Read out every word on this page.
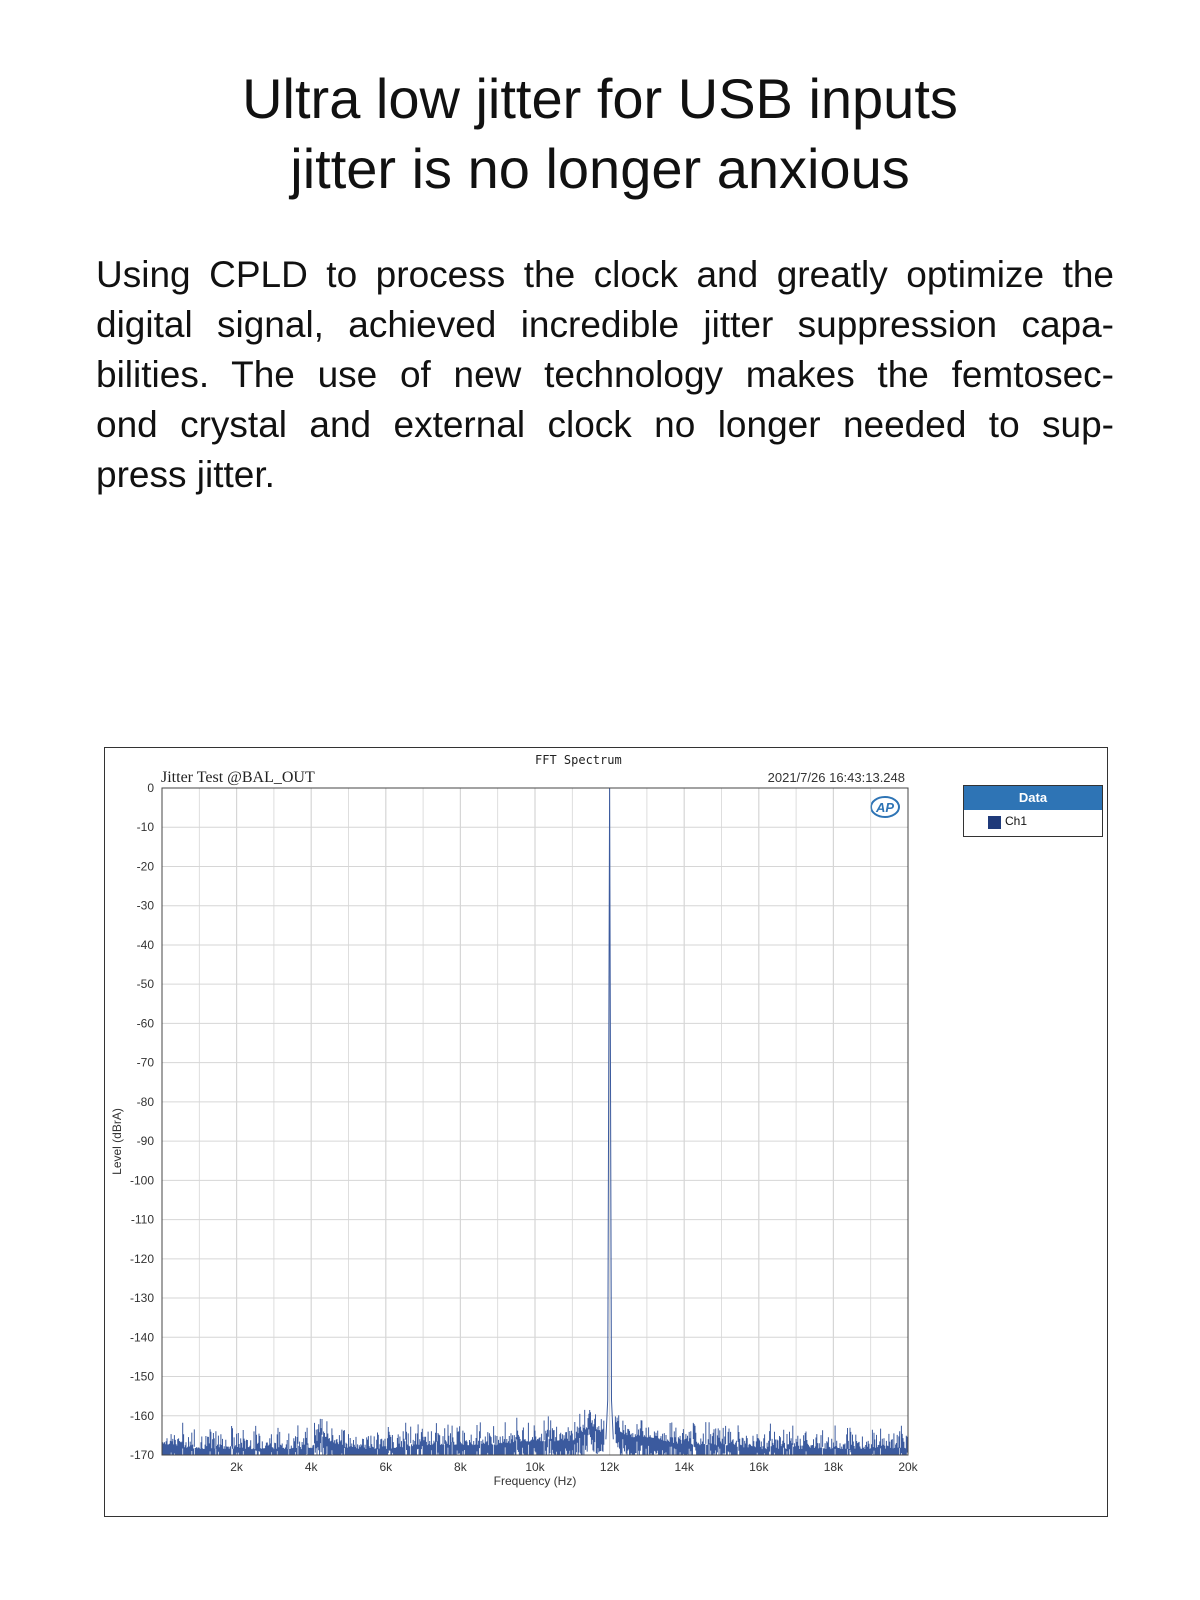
Ultra low jitter for USB inputs
jitter is no longer anxious
Using CPLD to process the clock and greatly optimize the
digital signal, achieved incredible jitter suppression capa-
bilities. The use of new technology makes the femtosec-
ond crystal and external clock no longer needed to sup-
press jitter.
FFT Spectrum
Jitter Test @BAL_OUT	2021/7/26 16:43:13.248
AP
0
-10
-20
-30
-40
-50
-60
-70
-80
-90
-100
-110
-120
-130
-140
-150
-160
-170
2k	4k	6k	8k	10k	12k	14k	16k	18k	20k
Level (dBrA)
Frequency (Hz)
Data
Ch1
